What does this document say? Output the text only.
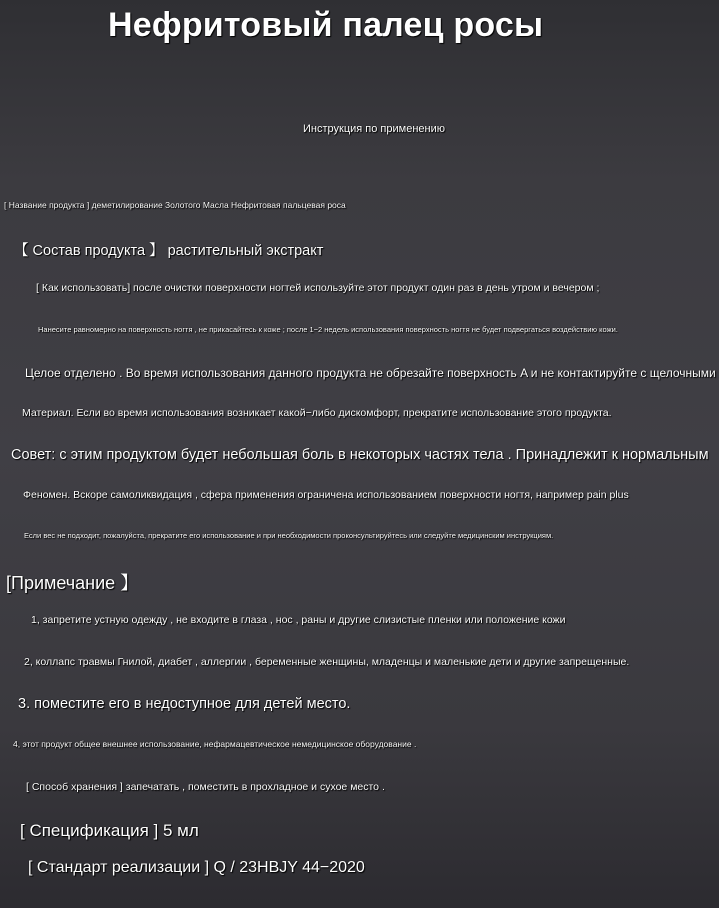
Нефритовый палец росы
Инструкция по применению
[ Название продукта ] деметилирование Золотого Масла Нефритовая пальцевая роса
【 Состав продукта 】 растительный экстракт
[ Как использовать] после очистки поверхности ногтей используйте этот продукт один раз в день утром и вечером ;
Нанесите равномерно на поверхность ногтя , не прикасайтесь к коже ; после 1−2 недель использования поверхность ногтя не будет подвергаться воздействию кожи.
Целое отделено . Во время использования данного продукта не обрезайте поверхность A и не контактируйте с щелочными
Материал. Если во время использования возникает какой−либо дискомфорт, прекратите использование этого продукта.
Совет: с этим продуктом будет небольшая боль в некоторых частях тела . Принадлежит к нормальным
Феномен. Вскоре самоликвидация , сфера применения ограничена использованием поверхности ногтя, например pain plus
Если вес не подходит, пожалуйста, прекратите его использование и при необходимости проконсультируйтесь или следуйте медицинским инструкциям.
[Примечание 】
1, запретите устную одежду , не входите в глаза , нос , раны и другие слизистые пленки или положение кожи
2, коллапс травмы Гнилой, диабет , аллергии , беременные женщины, младенцы и маленькие дети и другие запрещенные.
3. поместите его в недоступное для детей место.
4, этот продукт общее внешнее использование, нефармацевтическое немедицинское оборудование .
[ Способ хранения ] запечатать , поместить в прохладное и сухое место .
[ Спецификация ] 5 мл
[ Стандарт реализации ] Q / 23HBJY 44−2020
